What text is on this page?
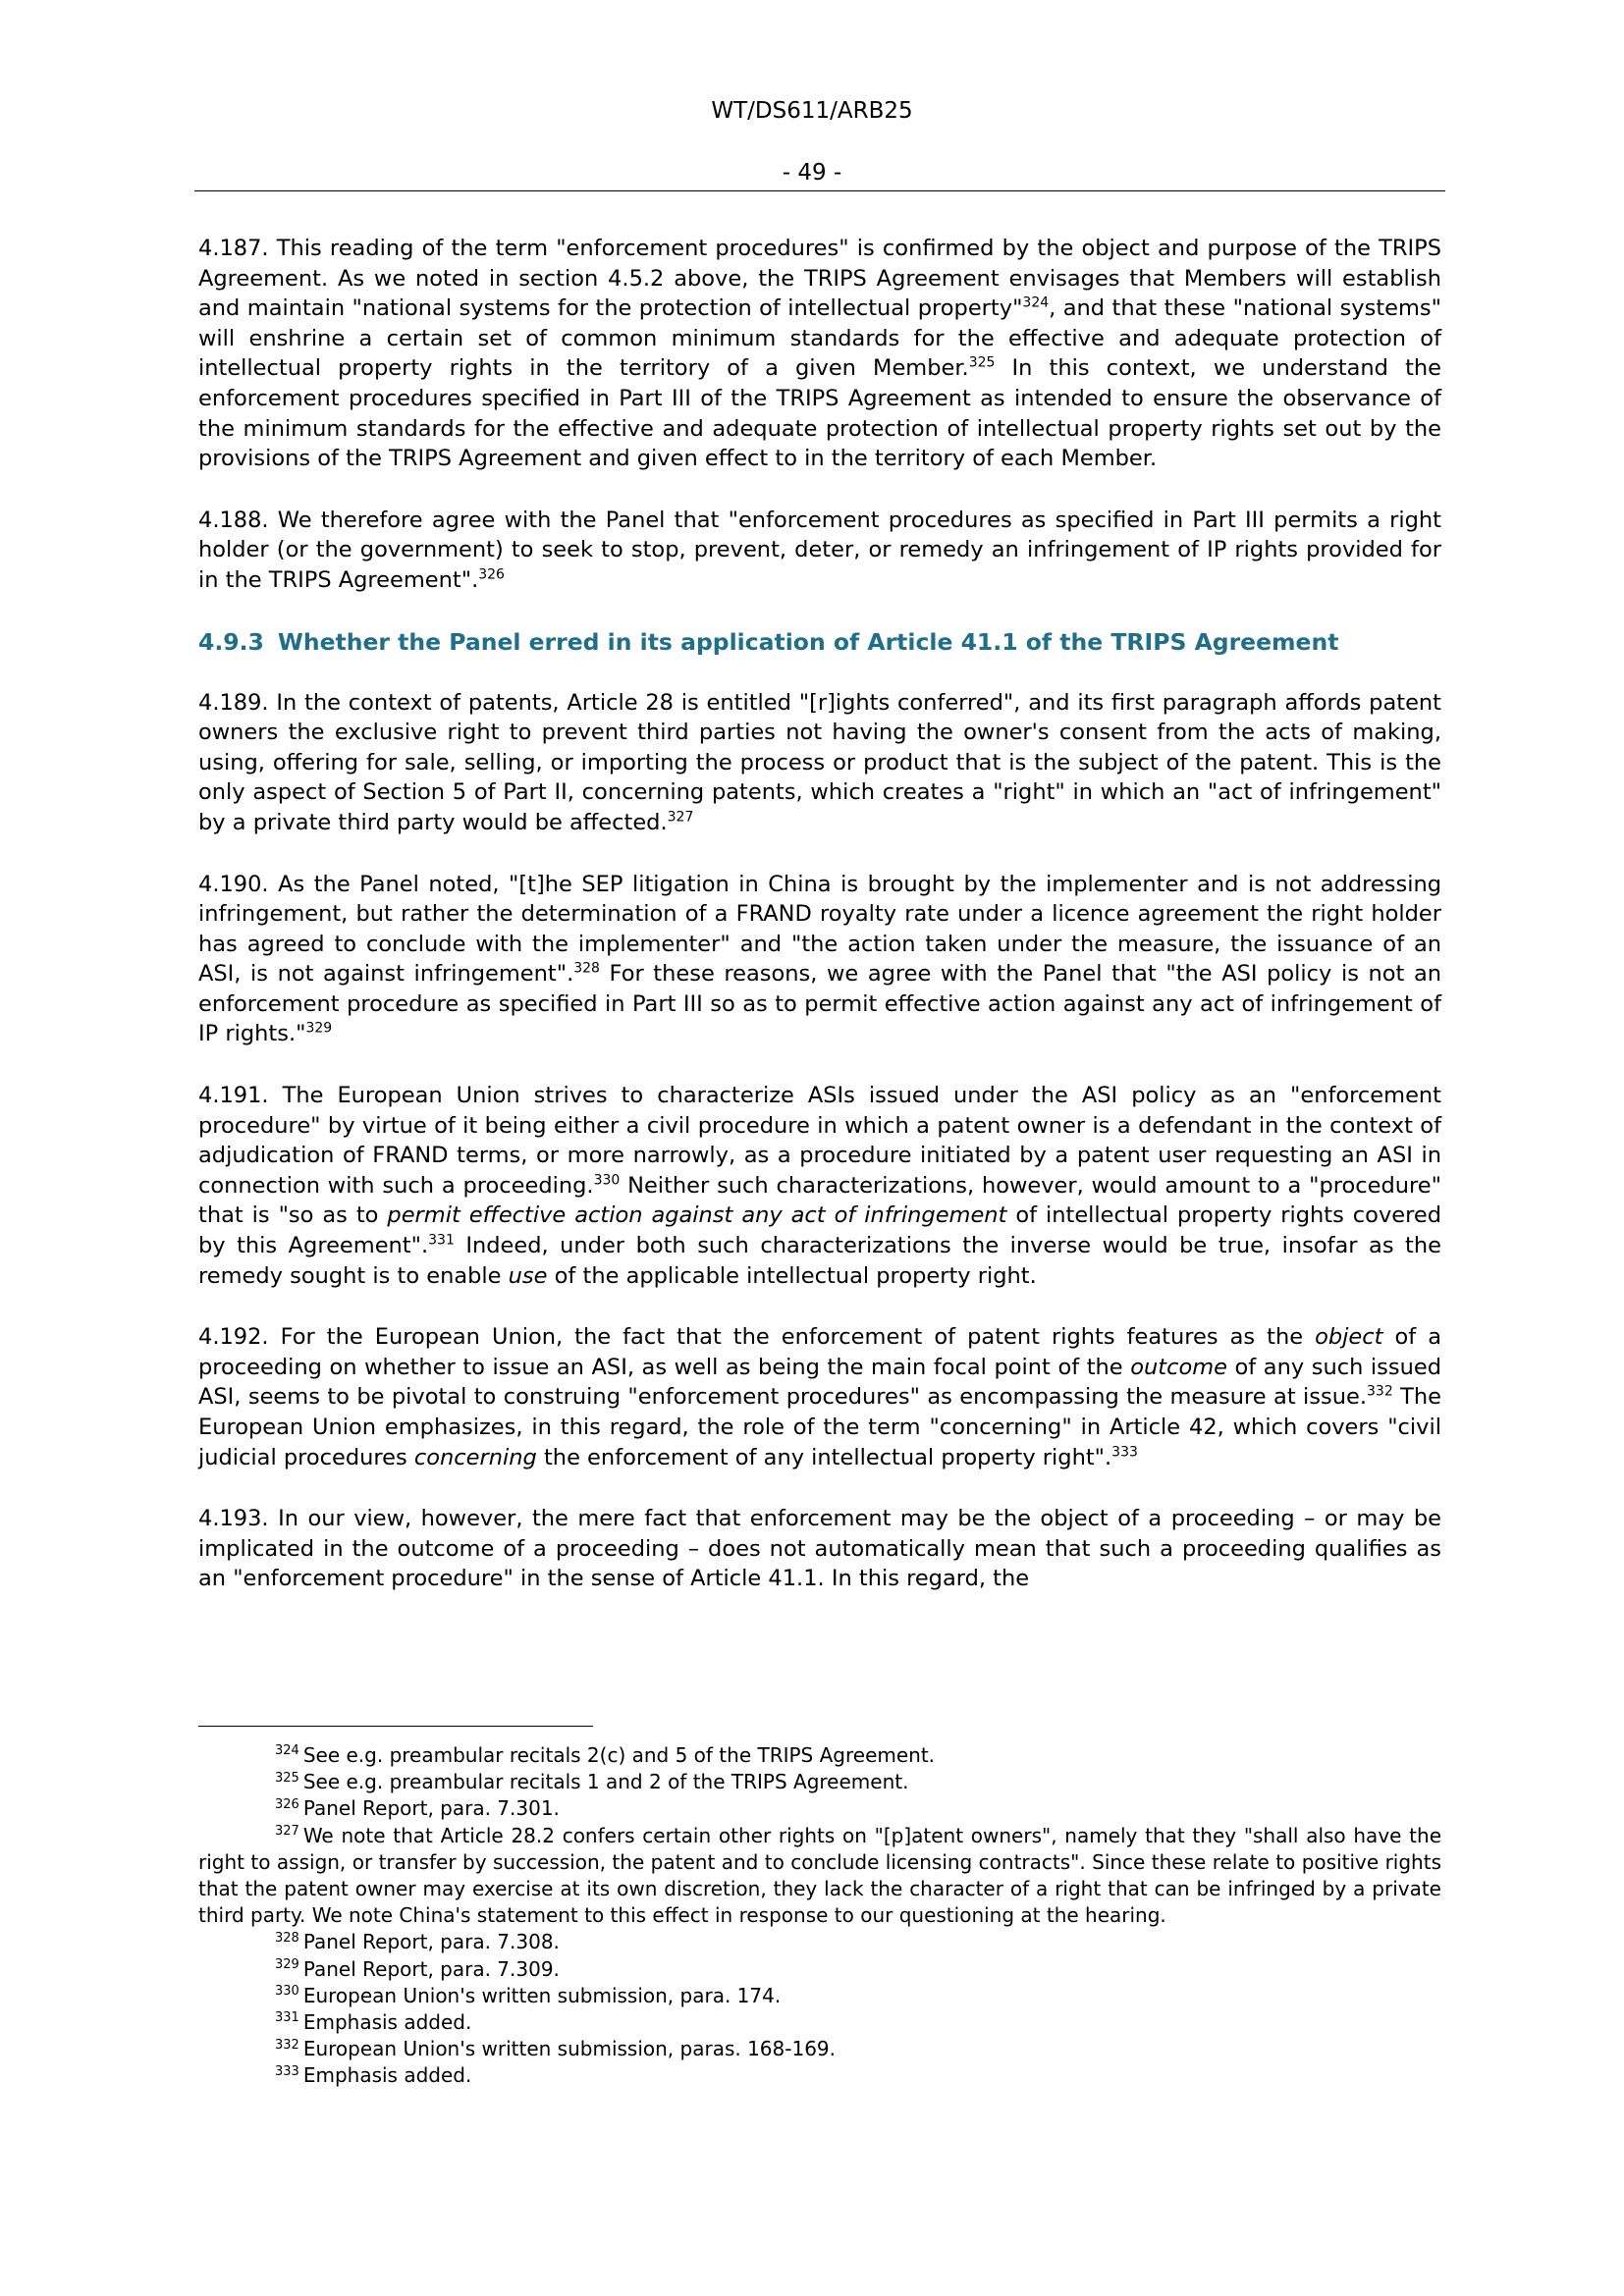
WT/DS611/ARB25
- 49 -

4.187. This reading of the term "enforcement procedures" is confirmed by the object and purpose of the TRIPS Agreement. As we noted in section 4.5.2 above, the TRIPS Agreement envisages that Members will establish and maintain "national systems for the protection of intellectual property"$^{324}$, and that these "national systems" will enshrine a certain set of common minimum standards for the effective and adequate protection of intellectual property rights in the territory of a given Member.$^{325}$ In this context, we understand the enforcement procedures specified in Part III of the TRIPS Agreement as intended to ensure the observance of the minimum standards for the effective and adequate protection of intellectual property rights set out by the provisions of the TRIPS Agreement and given effect to in the territory of each Member.

4.188. We therefore agree with the Panel that "enforcement procedures as specified in Part III permits a right holder (or the government) to seek to stop, prevent, deter, or remedy an infringement of IP rights provided for in the TRIPS Agreement".$^{326}$

4.9.3 Whether the Panel erred in its application of Article 41.1 of the TRIPS Agreement

4.189. In the context of patents, Article 28 is entitled "[r]ights conferred", and its first paragraph affords patent owners the exclusive right to prevent third parties not having the owner's consent from the acts of making, using, offering for sale, selling, or importing the process or product that is the subject of the patent. This is the only aspect of Section 5 of Part II, concerning patents, which creates a "right" in which an "act of infringement" by a private third party would be affected.$^{327}$

4.190. As the Panel noted, "[t]he SEP litigation in China is brought by the implementer and is not addressing infringement, but rather the determination of a FRAND royalty rate under a licence agreement the right holder has agreed to conclude with the implementer" and "the action taken under the measure, the issuance of an ASI, is not against infringement".$^{328}$ For these reasons, we agree with the Panel that "the ASI policy is not an enforcement procedure as specified in Part III so as to permit effective action against any act of infringement of IP rights."$^{329}$

4.191. The European Union strives to characterize ASIs issued under the ASI policy as an "enforcement procedure" by virtue of it being either a civil procedure in which a patent owner is a defendant in the context of adjudication of FRAND terms, or more narrowly, as a procedure initiated by a patent user requesting an ASI in connection with such a proceeding.$^{330}$ Neither such characterizations, however, would amount to a "procedure" that is "so as to permit effective action against any act of infringement of intellectual property rights covered by this Agreement".$^{331}$ Indeed, under both such characterizations the inverse would be true, insofar as the remedy sought is to enable use of the applicable intellectual property right.

4.192. For the European Union, the fact that the enforcement of patent rights features as the object of a proceeding on whether to issue an ASI, as well as being the main focal point of the outcome of any such issued ASI, seems to be pivotal to construing "enforcement procedures" as encompassing the measure at issue.$^{332}$ The European Union emphasizes, in this regard, the role of the term "concerning" in Article 42, which covers "civil judicial procedures concerning the enforcement of any intellectual property right".$^{333}$

4.193. In our view, however, the mere fact that enforcement may be the object of a proceeding – or may be implicated in the outcome of a proceeding – does not automatically mean that such a proceeding qualifies as an "enforcement procedure" in the sense of Article 41.1. In this regard, the

$^{324}$ See e.g. preambular recitals 2(c) and 5 of the TRIPS Agreement.

$^{325}$ See e.g. preambular recitals 1 and 2 of the TRIPS Agreement.

$^{326}$ Panel Report, para. 7.301.

$^{327}$ We note that Article 28.2 confers certain other rights on "[p]atent owners", namely that they "shall also have the right to assign, or transfer by succession, the patent and to conclude licensing contracts". Since these relate to positive rights that the patent owner may exercise at its own discretion, they lack the character of a right that can be infringed by a private third party. We note China's statement to this effect in response to our questioning at the hearing.

$^{328}$ Panel Report, para. 7.308.

$^{329}$ Panel Report, para. 7.309.

$^{330}$ European Union's written submission, para. 174.

$^{331}$ Emphasis added.

$^{332}$ European Union's written submission, paras. 168-169.

$^{333}$ Emphasis added.
